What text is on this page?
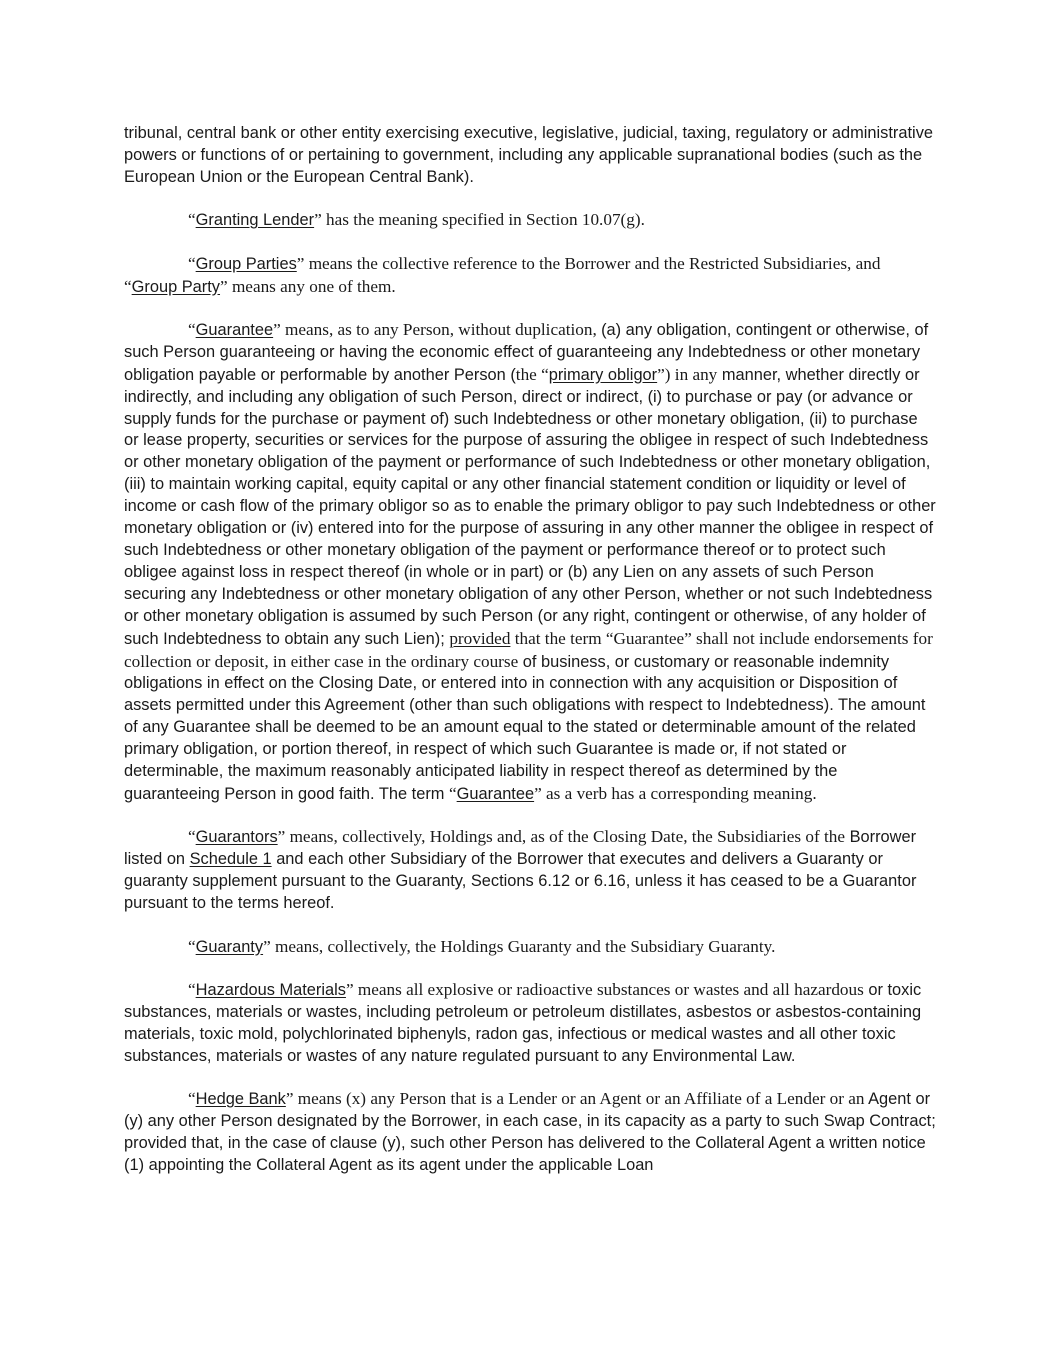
tribunal, central bank or other entity exercising executive, legislative, judicial, taxing, regulatory or administrative powers or functions of or pertaining to government, including any applicable supranational bodies (such as the European Union or the European Central Bank).

“Granting Lender” has the meaning specified in Section 10.07(g).

“Group Parties” means the collective reference to the Borrower and the Restricted Subsidiaries, and “Group Party” means any one of them.

“Guarantee” means, as to any Person, without duplication, (a) any obligation, contingent or otherwise, of such Person guaranteeing or having the economic effect of guaranteeing any Indebtedness or other monetary obligation payable or performable by another Person (the “primary obligor”) in any manner, whether directly or indirectly, and including any obligation of such Person, direct or indirect, (i) to purchase or pay (or advance or supply funds for the purchase or payment of) such Indebtedness or other monetary obligation, (ii) to purchase or lease property, securities or services for the purpose of assuring the obligee in respect of such Indebtedness or other monetary obligation of the payment or performance of such Indebtedness or other monetary obligation, (iii) to maintain working capital, equity capital or any other financial statement condition or liquidity or level of income or cash flow of the primary obligor so as to enable the primary obligor to pay such Indebtedness or other monetary obligation or (iv) entered into for the purpose of assuring in any other manner the obligee in respect of such Indebtedness or other monetary obligation of the payment or performance thereof or to protect such obligee against loss in respect thereof (in whole or in part) or (b) any Lien on any assets of such Person securing any Indebtedness or other monetary obligation of any other Person, whether or not such Indebtedness or other monetary obligation is assumed by such Person (or any right, contingent or otherwise, of any holder of such Indebtedness to obtain any such Lien); provided that the term “Guarantee” shall not include endorsements for collection or deposit, in either case in the ordinary course of business, or customary or reasonable indemnity obligations in effect on the Closing Date, or entered into in connection with any acquisition or Disposition of assets permitted under this Agreement (other than such obligations with respect to Indebtedness). The amount of any Guarantee shall be deemed to be an amount equal to the stated or determinable amount of the related primary obligation, or portion thereof, in respect of which such Guarantee is made or, if not stated or determinable, the maximum reasonably anticipated liability in respect thereof as determined by the guaranteeing Person in good faith. The term “Guarantee” as a verb has a corresponding meaning.

“Guarantors” means, collectively, Holdings and, as of the Closing Date, the Subsidiaries of the Borrower listed on Schedule 1 and each other Subsidiary of the Borrower that executes and delivers a Guaranty or guaranty supplement pursuant to the Guaranty, Sections 6.12 or 6.16, unless it has ceased to be a Guarantor pursuant to the terms hereof.

“Guaranty” means, collectively, the Holdings Guaranty and the Subsidiary Guaranty.

“Hazardous Materials” means all explosive or radioactive substances or wastes and all hazardous or toxic substances, materials or wastes, including petroleum or petroleum distillates, asbestos or asbestos-containing materials, toxic mold, polychlorinated biphenyls, radon gas, infectious or medical wastes and all other toxic substances, materials or wastes of any nature regulated pursuant to any Environmental Law.

“Hedge Bank” means (x) any Person that is a Lender or an Agent or an Affiliate of a Lender or an Agent or (y) any other Person designated by the Borrower, in each case, in its capacity as a party to such Swap Contract; provided that, in the case of clause (y), such other Person has delivered to the Collateral Agent a written notice (1) appointing the Collateral Agent as its agent under the applicable Loan
